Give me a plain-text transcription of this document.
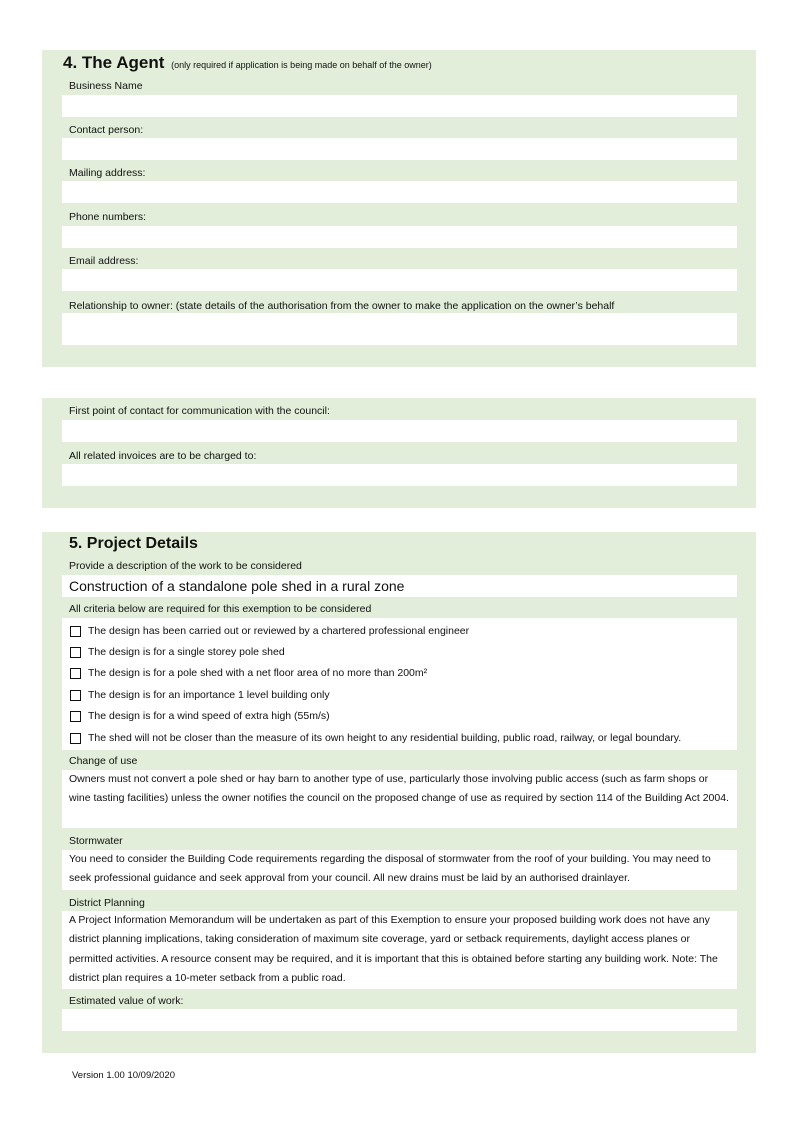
4. The Agent (only required if application is being made on behalf of the owner)
Business Name
Contact person:
Mailing address:
Phone numbers:
Email address:
Relationship to owner: (state details of the authorisation from the owner to make the application on the owner’s behalf
First point of contact for communication with the council:
All related invoices are to be charged to:
5. Project Details
Provide a description of the work to be considered
Construction of a standalone pole shed in a rural zone
All criteria below are required for this exemption to be considered
The design has been carried out or reviewed by a chartered professional engineer
The design is for a single storey pole shed
The design is for a pole shed with a net floor area of no more than 200m²
The design is for an importance 1 level building only
The design is for a wind speed of extra high (55m/s)
The shed will not be closer than the measure of its own height to any residential building, public road, railway, or legal boundary.
Change of use
Owners must not convert a pole shed or hay barn to another type of use, particularly those involving public access (such as farm shops or wine tasting facilities) unless the owner notifies the council on the proposed change of use as required by section 114 of the Building Act 2004.
Stormwater
You need to consider the Building Code requirements regarding the disposal of stormwater from the roof of your building. You may need to seek professional guidance and seek approval from your council. All new drains must be laid by an authorised drainlayer.
District Planning
A Project Information Memorandum will be undertaken as part of this Exemption to ensure your proposed building work does not have any district planning implications, taking consideration of maximum site coverage, yard or setback requirements, daylight access planes or permitted activities. A resource consent may be required, and it is important that this is obtained before starting any building work. Note: The district plan requires a 10-meter setback from a public road.
Estimated value of work:
Version 1.00 10/09/2020
